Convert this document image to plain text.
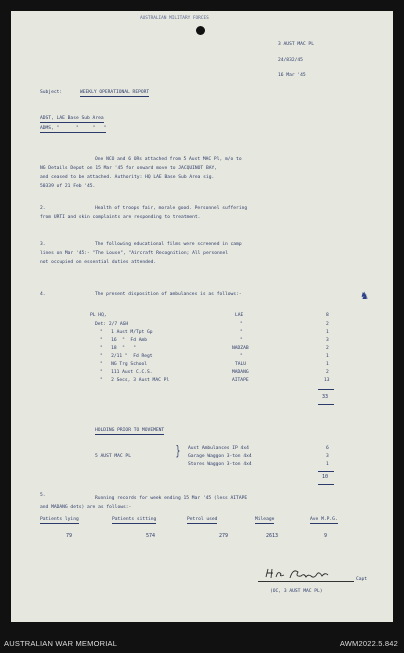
AUSTRALIAN MILITARY FORCES
3 AUST MAC PL
24/832/45
16 Mar '45
Subject:	WEEKLY OPERATIONAL REPORT
ADST, LAE Base Sub Area
ADMS, "      "     "   "
One NCO and 6 ORs attached from 5 Aust MAC Pl, m/o to
NG Details Depot on 15 Mar '45 for onward move to JACQUINOT BAY,
and ceased to be attached. Authority: HQ LAE Base Sub Area sig.
50339 of 21 Feb '45.
2.	Health of troops fair, morale good. Personnel suffering
from URTI and skin complaints are responding to treatment.
3.	The following educational films were screened in camp
lines on Mar '45:- "The Louse", "Aircraft Recognition; All personnel
not occupied on essential duties attended.
4.	The present disposition of ambulances is as follows:-	♞
PL HQ,	LAE	8
Det: 2/7 AGH	"	2
"   1 Aust M/Tpt Gp	"	1
"   16  "  Fd Amb	"	3
"   18  "   "	NADZAB	2
"   2/11 "  Fd Regt	"	1
"   NG Trg School	TALU	1
"   111 Aust C.C.S.	MADANG	2
"   2 Secs, 3 Aust MAC Pl	AITAPE	13
33
HOLDING PRIOR TO MOVEMENT
5 AUST MAC PL	} Aust Ambulances IP 4x4	6
Garage Waggon 3-ton 4x4	3
Stores Waggon 3-ton 4x4	1
10
5.
Running records for week ending 15 Mar '45 (less AITAPE
and MADANG dets) are as follows:-
Patients lying	Patients sitting	Petrol used	Mileage	Ave M.P.G.
79	574	279	2613	9
Capt
(OC, 3 AUST MAC PL)
AUSTRALIAN WAR MEMORIAL	AWM2022.5.842
